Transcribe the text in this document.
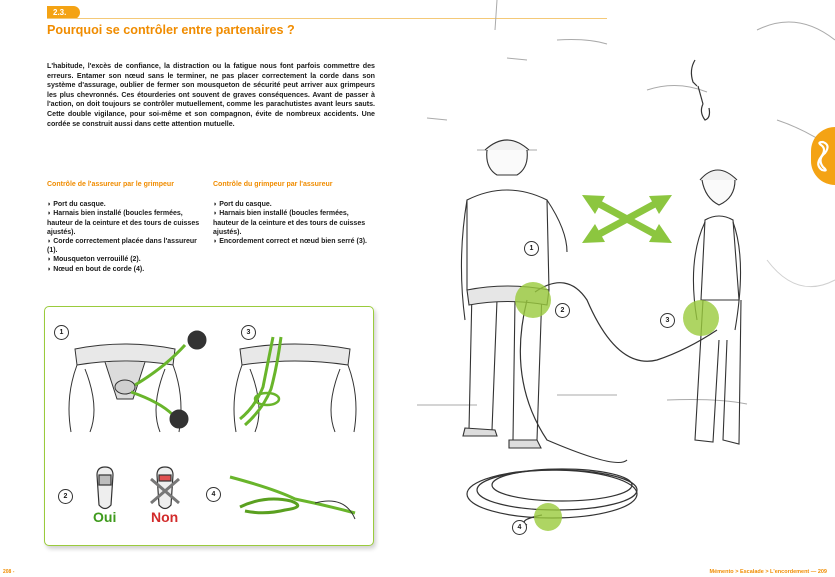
2.3.
Pourquoi se contrôler entre partenaires ?

L'habitude, l'excès de confiance, la distraction ou la fatigue nous font parfois commettre des erreurs. Entamer son nœud sans le terminer, ne pas placer correctement la corde dans son système d'assurage, oublier de fermer son mousqueton de sécurité peut arriver aux grimpeurs les plus chevronnés. Ces étourderies ont souvent de graves conséquences. Avant de passer à l'action, on doit toujours se contrôler mutuellement, comme les parachutistes avant leurs sauts. Cette double vigilance, pour soi-même et son compagnon, évite de nombreux accidents. Une cordée se construit aussi dans cette attention mutuelle.

Contrôle de l'assureur par le grimpeur
◗ Port du casque.
◗ Harnais bien installé (boucles fermées, hauteur de la ceinture et des tours de cuisses ajustés).
◗ Corde correctement placée dans l'assureur (1).
◗ Mousqueton verrouillé (2).
◗ Nœud en bout de corde (4).
Contrôle du grimpeur par l'assureur
◗ Port du casque.
◗ Harnais bien installé (boucles fermées, hauteur de la ceinture et des tours de cuisses ajustés).
◗ Encordement correct et nœud bien serré (3).
1	3
2	4
Oui Non
208 -
1
2
3
4
Mémento > Escalade > L'encordement — 209
